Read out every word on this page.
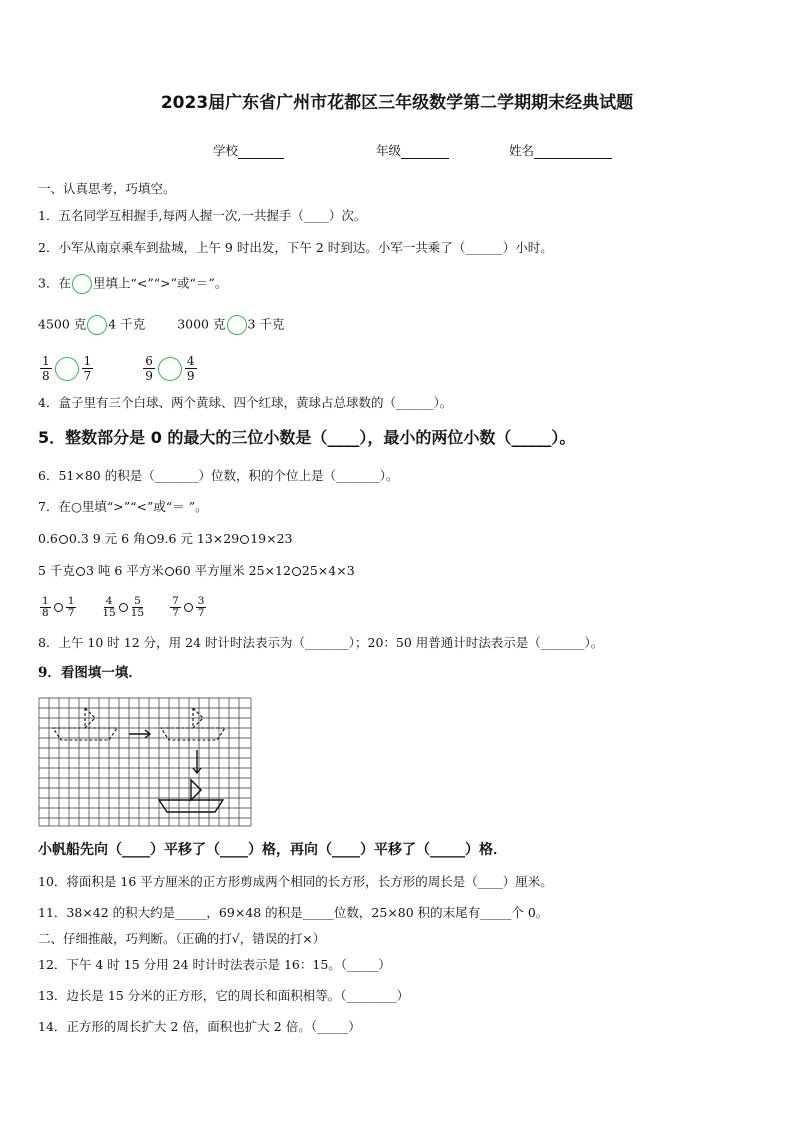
2023届广东省广州市花都区三年级数学第二学期期末经典试题
学校	年级	姓名
一、认真思考，巧填空。
1．五名同学互相握手,每两人握一次,一共握手（____）次。
2．小军从南京乘车到盐城，上午 9 时出发，下午 2 时到达。小军一共乘了（______）小时。
3．在 里填上“<”“>”或“＝”。
4500 克 4 千克	3000 克 3 千克
$\frac{1}{8}$	$\frac{1}{7}$
	$\frac{6}{9}$	$\frac{4}{9}$
4．盒子里有三个白球、两个黄球、四个红球，黄球占总球数的（______）。
5．整数部分是 0 的最大的三位小数是（____），最小的两位小数（_____）。
6．51×80 的积是（_______）位数，积的个位上是（_______）。
7．在○里填“>”“<”或“＝ ”。
0.6 0.3 9 元 6 角 9.6 元 13×29 19×23
5 千克 3 吨 6 平方米 60 平方厘米 25×12 25×4×3
$\frac{1}{8} \frac{1}{7}$
$\frac{4}{15} \frac{5}{15}$
$\frac{7}{7} \frac{3}{7}$
8．上午 10 时 12 分，用 24 时计时法表示为（_______）；20：50 用普通计时法表示是（_______）。
9．看图填一填．
小帆船先向（____）平移了（____）格，再向（____）平移了（_____）格．
10．将面积是 16 平方厘米的正方形剪成两个相同的长方形，长方形的周长是（____）厘米。
11．38×42 的积大约是_____，69×48 的积是_____位数，25×80 积的末尾有_____个 0。
二、仔细推敲，巧判断。（正确的打√，错误的打×）
12．下午 4 时 15 分用 24 时计时法表示是 16：15。（_____）
13．边长是 15 分米的正方形，它的周长和面积相等。（________）
14．正方形的周长扩大 2 倍，面积也扩大 2 倍。（_____）
